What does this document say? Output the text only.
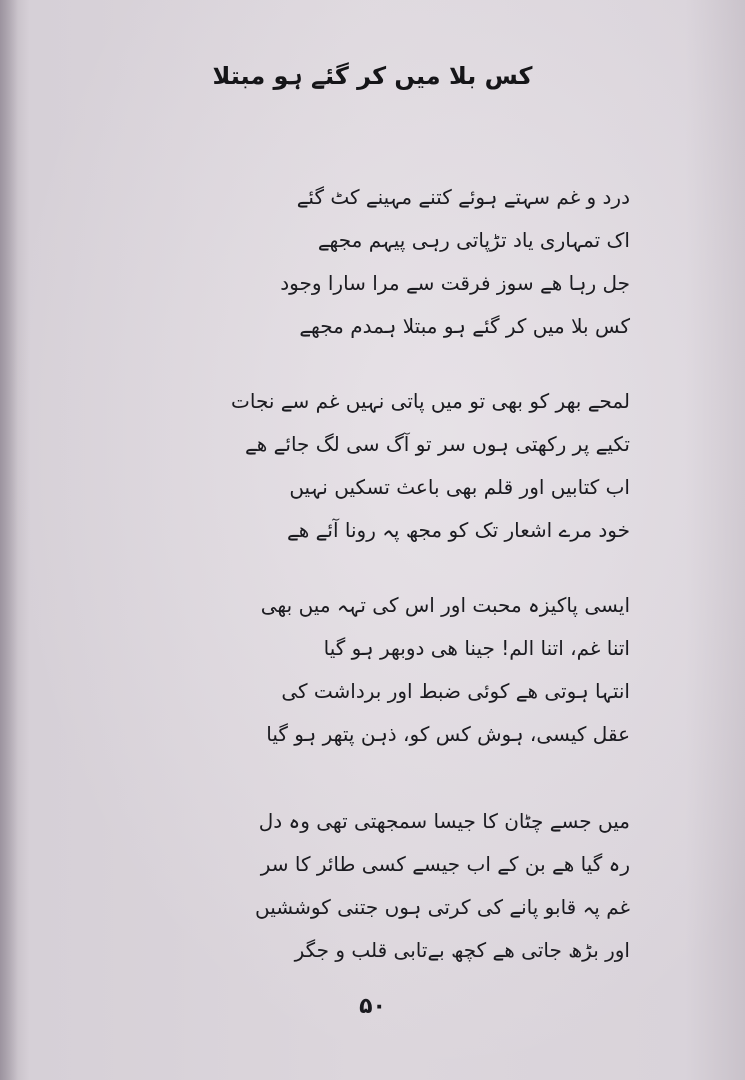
کس بلا میں کر گئے ہو مبتلا
درد و غم سہتے ہوئے کتنے مہینے کٹ گئے
اک تمہاری یاد تڑپاتی رہی پیہم مجھے
جل رہا ھے سوز فرقت سے مرا سارا وجود
کس بلا میں کر گئے ہو مبتلا ہمدم مجھے
لمحے بھر کو بھی تو میں پاتی نہیں غم سے نجات
تکیے پر رکھتی ہوں سر تو آگ سی لگ جائے ھے
اب کتابیں اور قلم بھی باعث تسکیں نہیں
خود مرے اشعار تک کو مجھ پہ رونا آئے ھے
ایسی پاکیزہ محبت اور اس کی تہہ میں بھی
اتنا غم، اتنا الم! جینا ھی دوبھر ہو گیا
انتہا ہوتی ھے کوئی ضبط اور برداشت کی
عقل کیسی، ہوش کس کو، ذہن پتھر ہو گیا
میں جسے چٹان کا جیسا سمجھتی تھی وہ دل
رہ گیا ھے بن کے اب جیسے کسی طائر کا سر
غم پہ قابو پانے کی کرتی ہوں جتنی کوششیں
اور بڑھ جاتی ھے کچھ بےتابی قلب و جگر
۵۰
